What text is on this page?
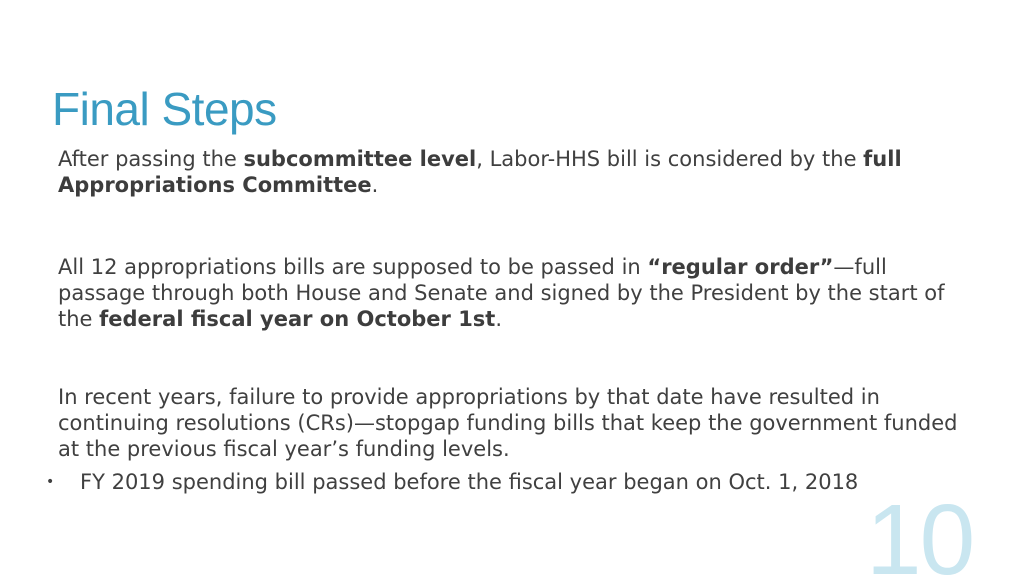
Final Steps

After passing the subcommittee level, Labor-HHS bill is considered by the full Appropriations Committee.

All 12 appropriations bills are supposed to be passed in “regular order”—full passage through both House and Senate and signed by the President by the start of the federal fiscal year on October 1st.

In recent years, failure to provide appropriations by that date have resulted in continuing resolutions (CRs)—stopgap funding bills that keep the government funded at the previous fiscal year’s funding levels.

•	FY 2019 spending bill passed before the fiscal year began on Oct. 1, 2018
10
